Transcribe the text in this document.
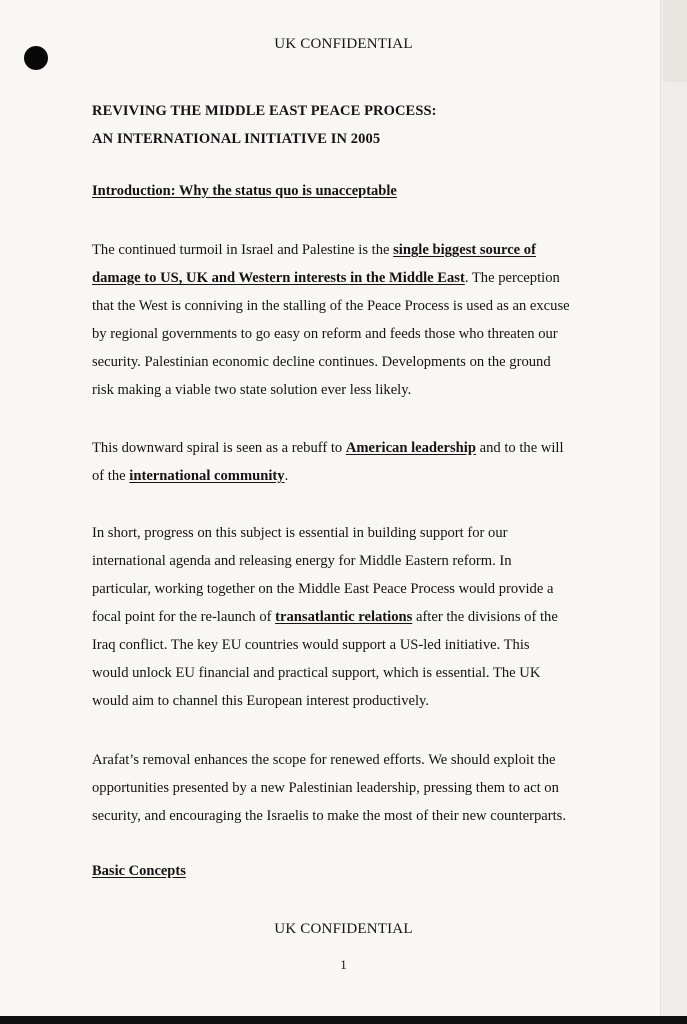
UK CONFIDENTIAL
REVIVING THE MIDDLE EAST PEACE PROCESS:
AN INTERNATIONAL INITIATIVE IN 2005
Introduction: Why the status quo is unacceptable
The continued turmoil in Israel and Palestine is the single biggest source of
damage to US, UK and Western interests in the Middle East. The perception
that the West is conniving in the stalling of the Peace Process is used as an excuse
by regional governments to go easy on reform and feeds those who threaten our
security. Palestinian economic decline continues. Developments on the ground
risk making a viable two state solution ever less likely.
This downward spiral is seen as a rebuff to American leadership and to the will
of the international community.
In short, progress on this subject is essential in building support for our
international agenda and releasing energy for Middle Eastern reform. In
particular, working together on the Middle East Peace Process would provide a
focal point for the re-launch of transatlantic relations after the divisions of the
Iraq conflict. The key EU countries would support a US-led initiative. This
would unlock EU financial and practical support, which is essential. The UK
would aim to channel this European interest productively.
Arafat’s removal enhances the scope for renewed efforts. We should exploit the
opportunities presented by a new Palestinian leadership, pressing them to act on
security, and encouraging the Israelis to make the most of their new counterparts.
Basic Concepts
UK CONFIDENTIAL
1
